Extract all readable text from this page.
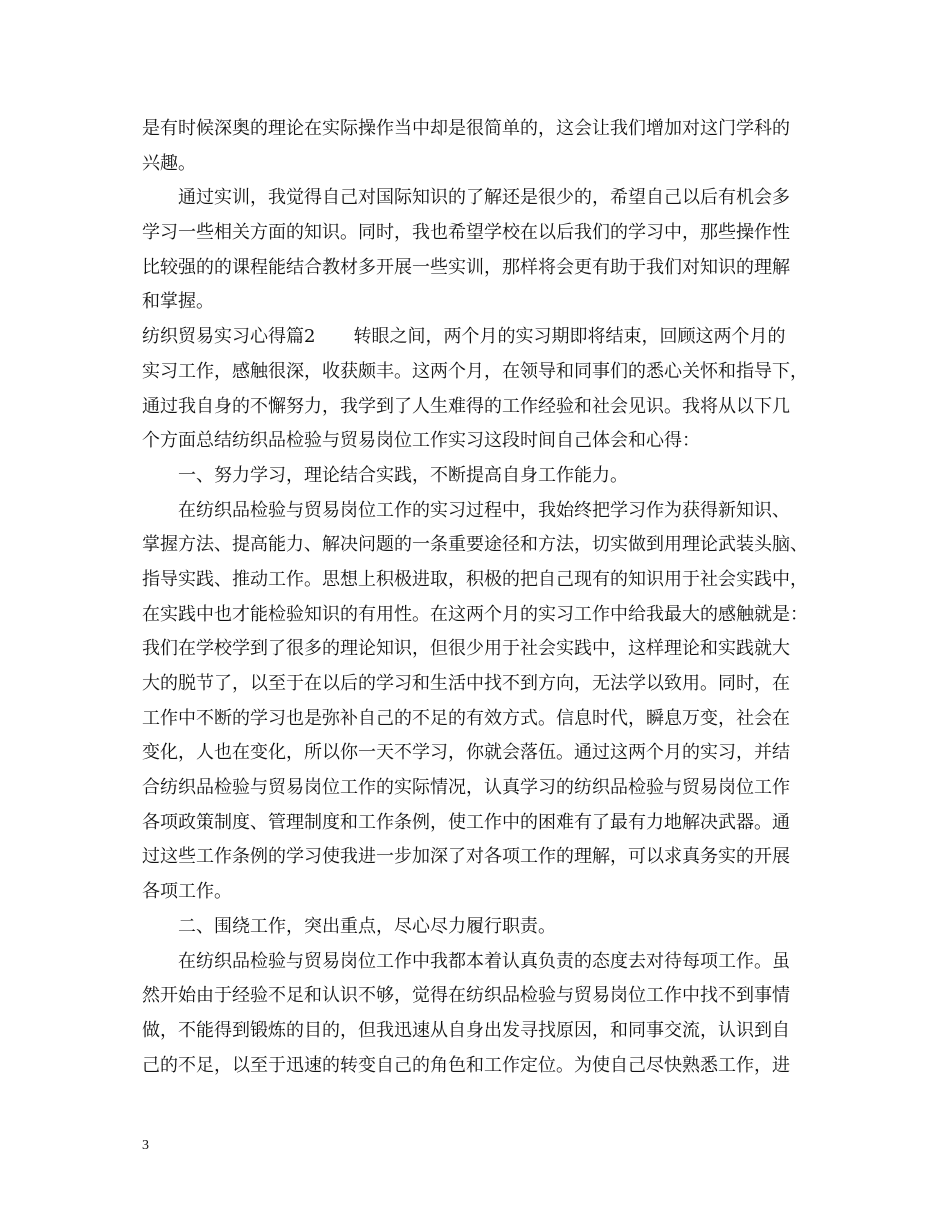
是有时候深奥的理论在实际操作当中却是很简单的，这会让我们增加对这门学科的
兴趣。
通过实训，我觉得自己对国际知识的了解还是很少的，希望自己以后有机会多
学习一些相关方面的知识。同时，我也希望学校在以后我们的学习中，那些操作性
比较强的的课程能结合教材多开展一些实训，那样将会更有助于我们对知识的理解
和掌握。
纺织贸易实习心得篇2 转眼之间，两个月的实习期即将结束，回顾这两个月的
实习工作，感触很深，收获颇丰。这两个月，在领导和同事们的悉心关怀和指导下，
通过我自身的不懈努力，我学到了人生难得的工作经验和社会见识。我将从以下几
个方面总结纺织品检验与贸易岗位工作实习这段时间自己体会和心得：
一、努力学习，理论结合实践，不断提高自身工作能力。
在纺织品检验与贸易岗位工作的实习过程中，我始终把学习作为获得新知识、
掌握方法、提高能力、解决问题的一条重要途径和方法，切实做到用理论武装头脑、
指导实践、推动工作。思想上积极进取，积极的把自己现有的知识用于社会实践中，
在实践中也才能检验知识的有用性。在这两个月的实习工作中给我最大的感触就是：
我们在学校学到了很多的理论知识，但很少用于社会实践中，这样理论和实践就大
大的脱节了，以至于在以后的学习和生活中找不到方向，无法学以致用。同时，在
工作中不断的学习也是弥补自己的不足的有效方式。信息时代，瞬息万变，社会在
变化，人也在变化，所以你一天不学习，你就会落伍。通过这两个月的实习，并结
合纺织品检验与贸易岗位工作的实际情况，认真学习的纺织品检验与贸易岗位工作
各项政策制度、管理制度和工作条例，使工作中的困难有了最有力地解决武器。通
过这些工作条例的学习使我进一步加深了对各项工作的理解，可以求真务实的开展
各项工作。
二、围绕工作，突出重点，尽心尽力履行职责。
在纺织品检验与贸易岗位工作中我都本着认真负责的态度去对待每项工作。虽
然开始由于经验不足和认识不够，觉得在纺织品检验与贸易岗位工作中找不到事情
做，不能得到锻炼的目的，但我迅速从自身出发寻找原因，和同事交流，认识到自
己的不足，以至于迅速的转变自己的角色和工作定位。为使自己尽快熟悉工作，进
3
